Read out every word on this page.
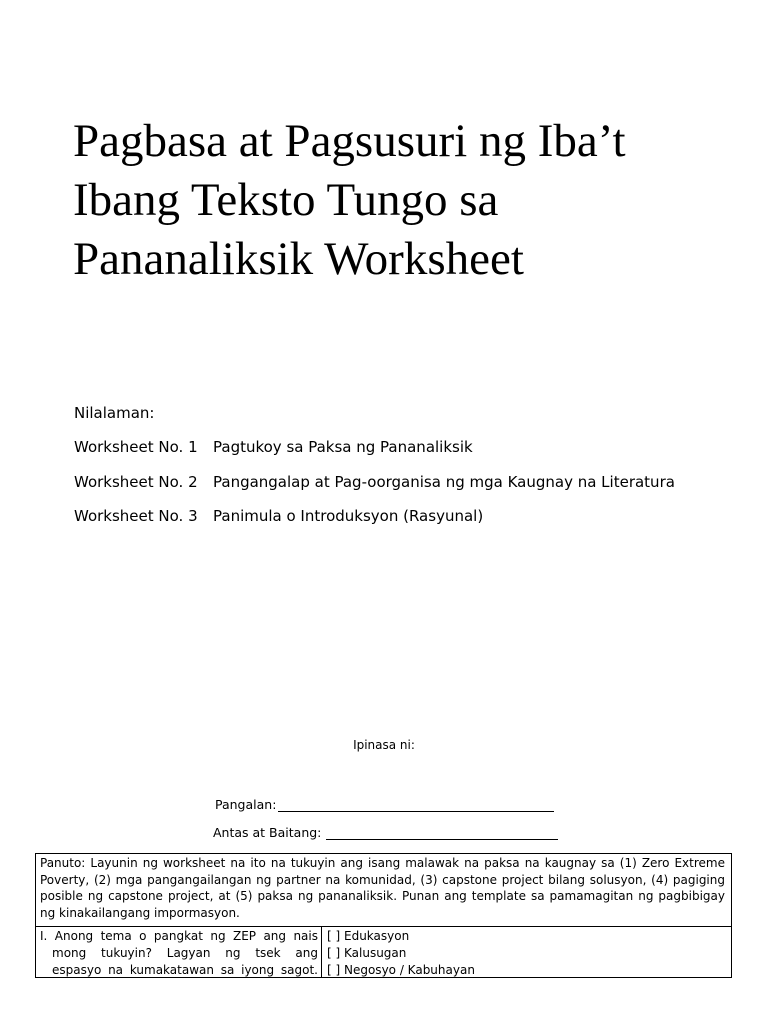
Pagbasa at Pagsusuri ng Iba’t
Ibang Teksto Tungo sa
Pananaliksik Worksheet
Nilalaman:
Worksheet No. 1 Pagtukoy sa Paksa ng Pananaliksik
Worksheet No. 2 Pangangalap at Pag-oorganisa ng mga Kaugnay na Literatura
Worksheet No. 3 Panimula o Introduksyon (Rasyunal)
Ipinasa ni:
Pangalan:
Antas at Baitang:
Panuto: Layunin ng worksheet na ito na tukuyin ang isang malawak na paksa na kaugnay sa (1) Zero Extreme Poverty, (2) mga pangangailangan ng partner na komunidad, (3) capstone project bilang solusyon, (4) pagiging posible ng capstone project, at (5) paksa ng pananaliksik. Punan ang template sa pamamagitan ng pagbibigay ng kinakailangang impormasyon.
I. Anong tema o pangkat ng ZEP ang nais
mong tukuyin? Lagyan ng tsek ang
espasyo na kumakatawan sa iyong sagot.
[ ] Edukasyon
[ ] Kalusugan
[ ] Negosyo / Kabuhayan
